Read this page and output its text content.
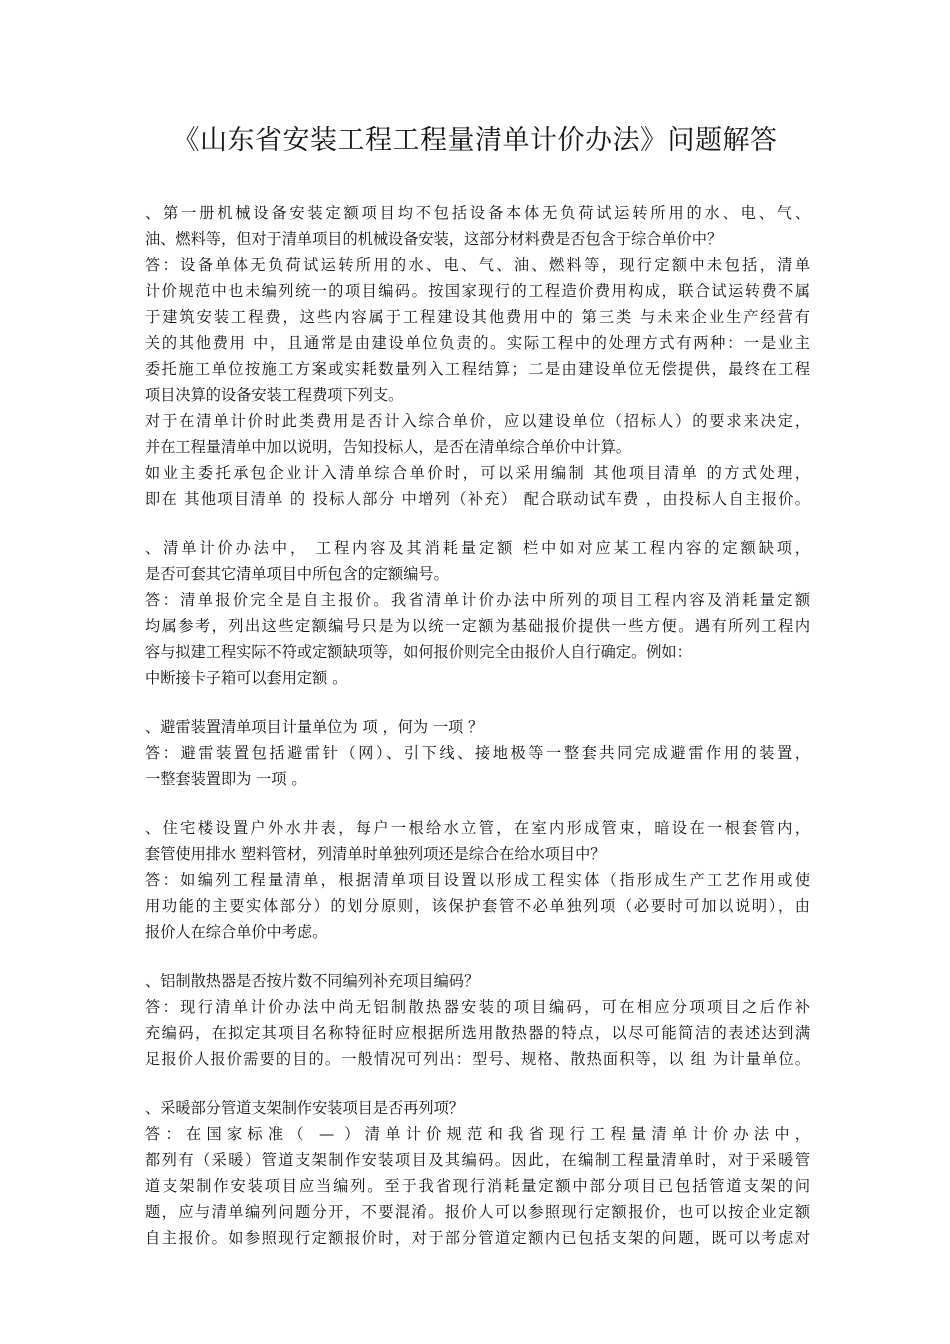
《山东省安装工程工程量清单计价办法》问题解答
、第一册机械设备安装定额项目均不包括设备本体无负荷试运转所用的水、电、气、
油、燃料等，但对于清单项目的机械设备安装，这部分材料费是否包含于综合单价中？
答：设备单体无负荷试运转所用的水、电、气、油、燃料等，现行定额中未包括，清单
计价规范中也未编列统一的项目编码。按国家现行的工程造价费用构成，联合试运转费不属
于建筑安装工程费，这些内容属于工程建设其他费用中的 第三类 与未来企业生产经营有
关的其他费用 中，且通常是由建设单位负责的。实际工程中的处理方式有两种：一是业主
委托施工单位按施工方案或实耗数量列入工程结算；二是由建设单位无偿提供，最终在工程
项目决算的设备安装工程费项下列支。
对于在清单计价时此类费用是否计入综合单价，应以建设单位（招标人）的要求来决定，
并在工程量清单中加以说明，告知投标人，是否在清单综合单价中计算。
如业主委托承包企业计入清单综合单价时，可以采用编制 其他项目清单 的方式处理，
即在 其他项目清单 的 投标人部分 中增列（补充） 配合联动试车费 ，由投标人自主报价。
、清单计价办法中， 工程内容及其消耗量定额 栏中如对应某工程内容的定额缺项，
是否可套其它清单项目中所包含的定额编号。
答：清单报价完全是自主报价。我省清单计价办法中所列的项目工程内容及消耗量定额
均属参考，列出这些定额编号只是为以统一定额为基础报价提供一些方便。遇有所列工程内
容与拟建工程实际不符或定额缺项等，如何报价则完全由报价人自行确定。例如：
中断接卡子箱可以套用定额 。
、避雷装置清单项目计量单位为 项 ，何为 一项 ？
答：避雷装置包括避雷针（网）、引下线、接地极等一整套共同完成避雷作用的装置，
一整套装置即为 一项 。
、住宅楼设置户外水井表，每户一根给水立管，在室内形成管束，暗设在一根套管内，
套管使用排水 塑料管材，列清单时单独列项还是综合在给水项目中？
答：如编列工程量清单，根据清单项目设置以形成工程实体（指形成生产工艺作用或使
用功能的主要实体部分）的划分原则，该保护套管不必单独列项（必要时可加以说明），由
报价人在综合单价中考虑。
、铝制散热器是否按片数不同编列补充项目编码？
答：现行清单计价办法中尚无铝制散热器安装的项目编码，可在相应分项项目之后作补
充编码，在拟定其项目名称特征时应根据所选用散热器的特点，以尽可能简洁的表述达到满
足报价人报价需要的目的。一般情况可列出：型号、规格、散热面积等，以 组 为计量单位。
、采暖部分管道支架制作安装项目是否再列项？
答：在国家标准（ — ）清单计价规范和我省现行工程量清单计价办法中，
都列有（采暖）管道支架制作安装项目及其编码。因此，在编制工程量清单时，对于采暖管
道支架制作安装项目应当编列。至于我省现行消耗量定额中部分项目已包括管道支架的问
题，应与清单编列问题分开，不要混淆。报价人可以参照现行定额报价，也可以按企业定额
自主报价。如参照现行定额报价时，对于部分管道定额内已包括支架的问题，既可以考虑对
